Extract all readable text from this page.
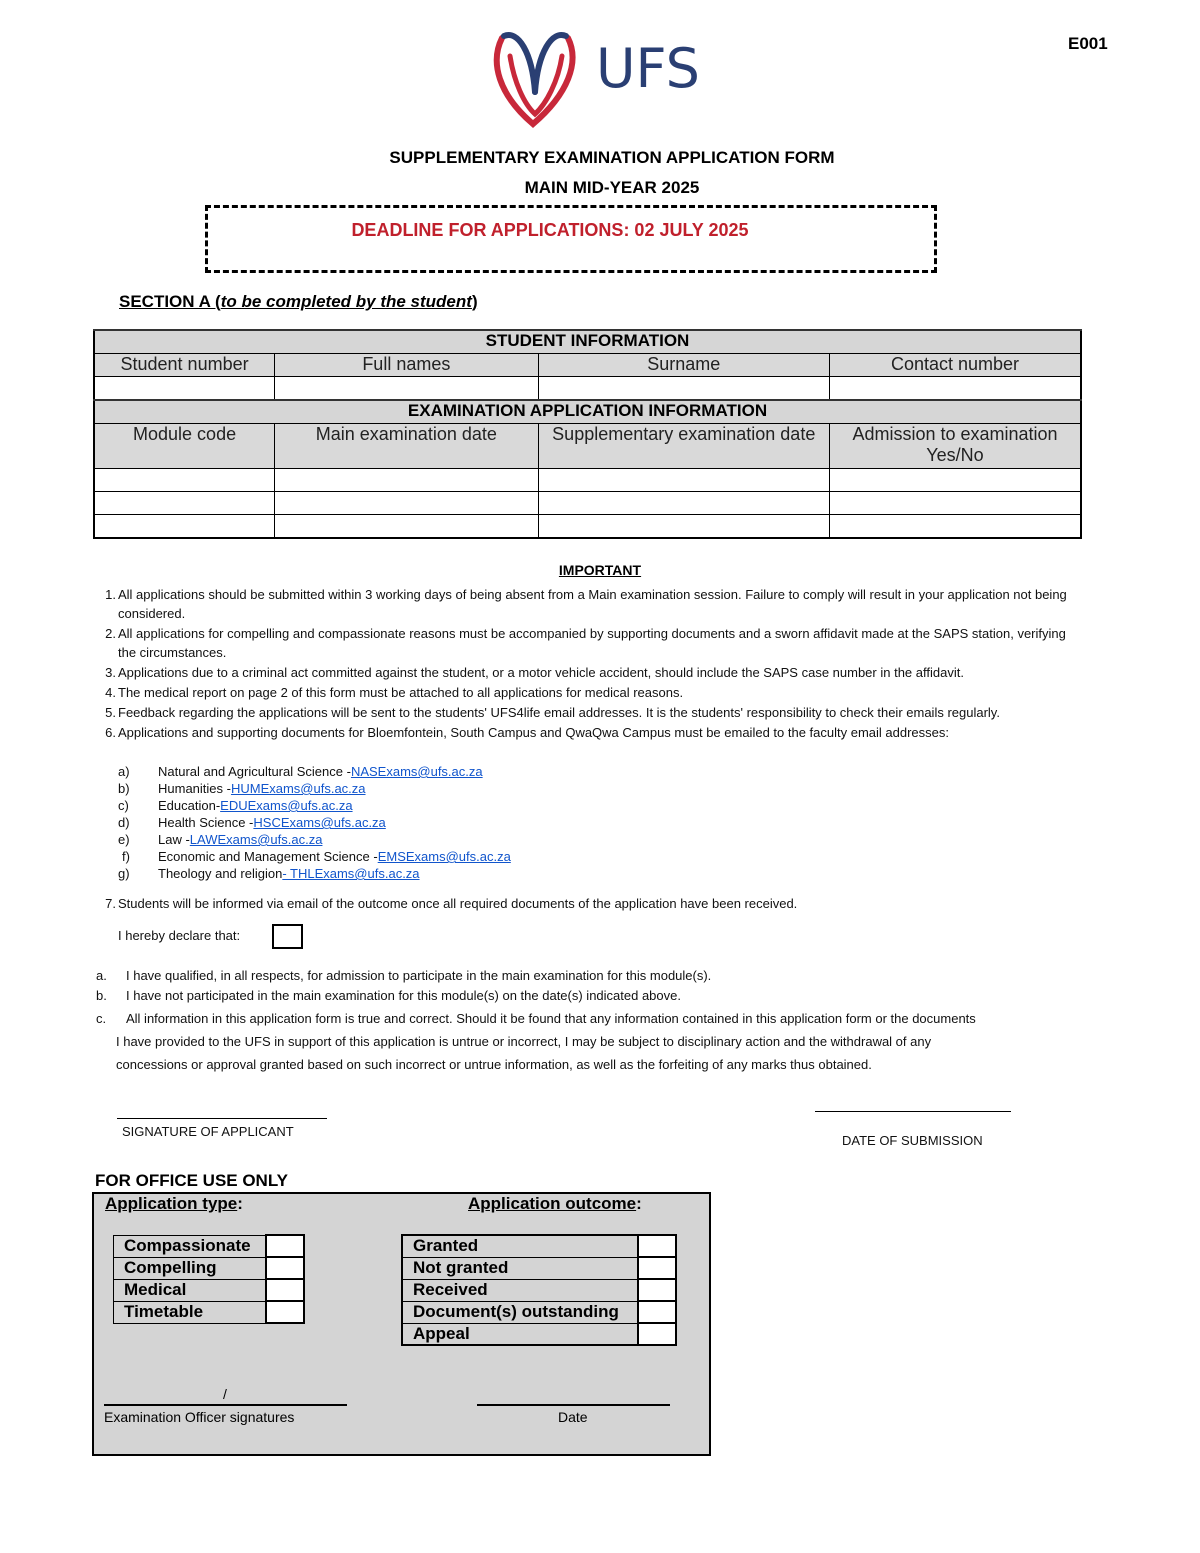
E001
UFS
SUPPLEMENTARY EXAMINATION APPLICATION FORM
MAIN MID-YEAR 2025
DEADLINE FOR APPLICATIONS: 02 JULY 2025
SECTION A (to be completed by the student)
STUDENT INFORMATION			
Student number	Full names	Surname	Contact number

EXAMINATION APPLICATION INFORMATION			
Module code	Main examination date	Supplementary examination date	Admission to examination Yes/No

IMPORTANT
1. All applications should be submitted within 3 working days of being absent from a Main examination session. Failure to comply will result in your application not being considered.
2. All applications for compelling and compassionate reasons must be accompanied by supporting documents and a sworn affidavit made at the SAPS station, verifying the circumstances.
3. Applications due to a criminal act committed against the student, or a motor vehicle accident, should include the SAPS case number in the affidavit.
4. The medical report on page 2 of this form must be attached to all applications for medical reasons.
5. Feedback regarding the applications will be sent to the students' UFS4life email addresses. It is the students' responsibility to check their emails regularly.
6. Applications and supporting documents for Bloemfontein, South Campus and QwaQwa Campus must be emailed to the faculty email addresses:
a)	Natural and Agricultural Science - NASExams@ufs.ac.za
b)	Humanities - HUMExams@ufs.ac.za
c)	Education- EDUExams@ufs.ac.za
d)	Health Science - HSCExams@ufs.ac.za
e)	Law - LAWExams@ufs.ac.za
f)	Economic and Management Science - EMSExams@ufs.ac.za
g)	Theology and religion - THLExams@ufs.ac.za
7. Students will be informed via email of the outcome once all required documents of the application have been received.
I hereby declare that:
a.	I have qualified, in all respects, for admission to participate in the main examination for this module(s).
b.	I have not participated in the main examination for this module(s) on the date(s) indicated above.
c.	All information in this application form is true and correct. Should it be found that any information contained in this application form or the documents
I have provided to the UFS in support of this application is untrue or incorrect, I may be subject to disciplinary action and the withdrawal of any
concessions or approval granted based on such incorrect or untrue information, as well as the forfeiting of any marks thus obtained.
SIGNATURE OF APPLICANT
DATE OF SUBMISSION
FOR OFFICE USE ONLY
Application type:	Application outcome:
Compassionate	
Compelling	
Medical	
Timetable	
Granted	
Not granted	
Received	
Document(s) outstanding	
Appeal	
/
Examination Officer signatures	Date
